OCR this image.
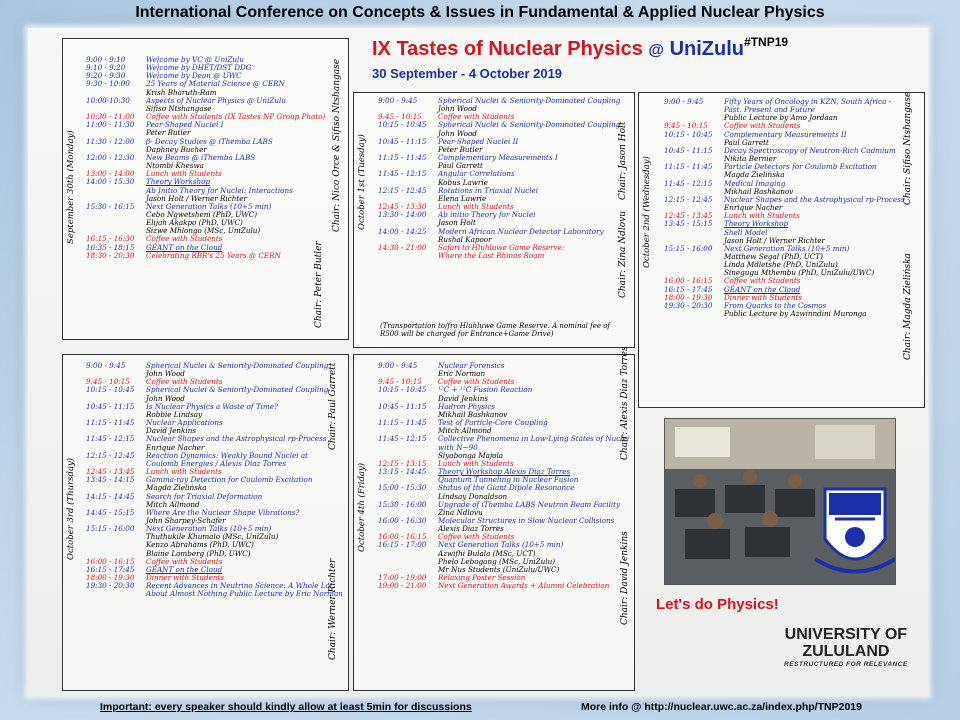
International Conference on Concepts & Issues in Fundamental & Applied Nuclear Physics
9:00 - 9:10	Welcome by VC @ UniZulu
9:10 - 9:20	Welcome by DHET/DST DDG
9:20 - 9:30	Welcome by Dean @ UWC
9:30 - 10:00	25 Years of Material Science @ CERN
Krish Bharuth-Ram
10:00-10:30	Aspects of Nuclear Physics @ UniZulu
Sifiso Ntshangase
10:30 - 11:00	Coffee with Students (IX Tastes NP Group Photo)
11:00 - 11:30	Pear-Shaped Nuclei I
Peter Butler
11:30 - 12:00	β- Decay Studies @ iThemba LABS
Daphney Bucher
12:00 - 12:30	New Beams @ iThemba LABS
Ntombi Kheswa
13:00 - 14:00	Lunch with Students
14:00 - 15:30	Theory Workshop
Ab Initio Theory for Nuclei: Interactions
Jason Holt / Werner Richter
15:30 - 16:15	Next Generation Talks (10+5 min)
Cebo Ngwetsheni (PhD, UWC)
Elijah Akakpo (PhD, UWC)
Sizwe Mhlongo (MSc, UniZulu)
16:15 - 16:30	Coffee with Students
16:35 - 18:15	GÉANT on the Cloud
18:30 - 20:30	Celebrating RBR's 25 Years @ CERN
9:00 - 9:45	Spherical Nuclei & Seniority-Dominated Coupling
John Wood
9:45 - 10:15	Coffee with Students
10:15 - 10:45	Spherical Nuclei & Seniority-Dominated Coupling
John Wood
10:45 - 11:15	Pear-Shaped Nuclei II
Peter Butler
11:15 - 11:45	Complementary Measurements I
Paul Garrett
11:45 - 12:15	Angular Correlations
Kobus Lawrie
12:15 - 12:45	Rotations in Triaxial Nuclei
Elena Lawrie
12:45 - 13:30	Lunch with Students
13:30 - 14:00	Ab initio Theory for Nuclei
Jason Holt
14:00 - 14:25	Modern African Nuclear Detector Laboratory
Rushal Kapoor
14:30 - 21:00	Safari to Hluhluwe Game Reserve:
Where the Last Rhinos Roam
9:00 - 9:45	Fifty Years of Oncology in KZN, South Africa -
Past, Present and Future
Public Lecture by Amo Jordaan
9:45 - 10:15	Coffee with Students
10:15 - 10:45	Complementary Measurements II
Paul Garrett
10:45 - 11:15	Decay Spectroscopy of Neutron-Rich Cadmium
Nikita Bernier
11:15 - 11:45	Particle Detectors for Coulomb Excitation
Magda Zielińska
11:45 - 12:15	Medical Imaging
Mikhail Bashkanov
12:15 - 12:45	Nuclear Shapes and the Astrophysical rp-Process
Enrique Nacher
12:45 - 13:45	Lunch with Students
13:45 - 15:15	Theory Workshop
Shell Model
Jason Holt / Werner Richter
15:15 - 16:00	Next Generation Talks (10+5 min)
Matthew Segal (PhD, UCT)
Linda Mdletshe (PhD, UniZulu)
Sinegugu Mthembu (PhD, UniZulu/UWC)
16:00 - 16:15	Coffee with Students
16:15 - 17:45	GÉANT on the Cloud
18:00 - 19:30	Dinner with Students
19:30 - 20:30	From Quarks to the Cosmos
Public Lecture by Azwinndini Muronga
9:00 - 9:45	Spherical Nuclei & Seniority-Dominated Coupling
John Wood
9:45 - 10:15	Coffee with Students
10:15 - 10:45	Spherical Nuclei & Seniority-Dominated Coupling
John Wood
10:45 - 11:15	Is Nuclear Physics a Waste of Time?
Robbie Lindsay
11:15 - 11:45	Nuclear Applications
David Jenkins
11:45 - 12:15	Nuclear Shapes and the Astrophysical rp-Process
Enrique Nacher
12:15 - 12:45	Reaction Dynamics: Weakly Bound Nuclei at
Coulomb Energies / Alexis Diaz Torres
12:45 - 13:45	Lunch with Students
13:45 - 14:15	Gamma-ray Detection for Coulomb Excitation
Magda Zielińska
14:15 - 14:45	Search for Triaxial Deformation
Mitch Allmond
14:45 - 15:15	Where Are the Nuclear Shape Vibrations?
John Sharpey-Schafer
15:15 - 16:00	Next Generation Talks (10+5 min)
Thuthukile Khumalo (MSc, UniZulu)
Kenzo Abrahams (PhD, UWC)
Blaine Lomberg (PhD, UWC)
16:00 - 16:15	Coffee with Students
16:15 - 17:45	GÉANT on the Cloud
18:00 - 19:30	Dinner with Students
19:30 - 20:30	Recent Advances in Neutrino Science: A Whole Lot
About Almost Nothing Public Lecture by Eric Norman
9:00 - 9:45	Nuclear Forensics
Eric Norman
9:45 - 10:15	Coffee with Students
10:15 - 10:45	¹²C + ¹²C Fusion Reaction
David Jenkins
10:45 - 11:15	Hadron Physics
Mikhail Bashkanov
11:15 - 11:45	Test of Particle-Core Coupling
Mitch Allmond
11:45 - 12:15	Collective Phenomena in Low-Lying States of Nuclei
with N~90
Siyabonga Majola
12:15 - 13:15	Lunch with Students
13:15 - 14:45	Theory Workshop Alexis Diaz Torres
Quantum Tunneling in Nuclear Fusion
15:00 - 15:30	Status of the Giant Dipole Resonance
Lindsay Donaldson
15:30 - 16:00	Upgrade of iThemba LABS Neutron Beam Facility
Zina Ndlovu
16:00 - 16:30	Molecular Structures in Slow Nuclear Collisions
Alexis Diaz Torres
16:00 - 16:15	Coffee with Students
16:15 - 17:00	Next Generation Talks (10+5 min)
Azwifhi Bulala (MSc, UCT)
Phelo Lebogang (MSc, UniZulu)
Mr Nus Students (UniZulu/UWC)
17:00 - 19:00	Relaxing Poster Session
19:00 - 21:00	Next Generation Awards + Alumni Celebration
(Transportation to/fro Hluhluwe Game Reserve. A nominal fee of R500 will be charged for Entrance+Game Drive)
September 30th (Monday)
Chair: Peter Butler
Chair: Nico Orce & Sifiso Ntshangase October 1st (Tuesday)
Chair: Zina Ndlovu
Chair: Jason Holt October 2nd (Wednesday)
Chair: Magda Zielińska
Chair: Sifiso Ntshangase
October 3rd (Thursday)
Chair: Werner Richter
Chair: Paul Garrett
October 4th (Friday)
Chair: David Jenkins
Chair: Alexis Diaz Torres
IX Tastes of Nuclear Physics @ UniZulu$^{\#TNP19}$
30 September - 4 October 2019
Let's do Physics!
UNIVERSITY OF
ZULULAND
RESTRUCTURED FOR RELEVANCE
Important: every speaker should kindly allow at least 5min for discussions	More info @ http://nuclear.uwc.ac.za/index.php/TNP2019
